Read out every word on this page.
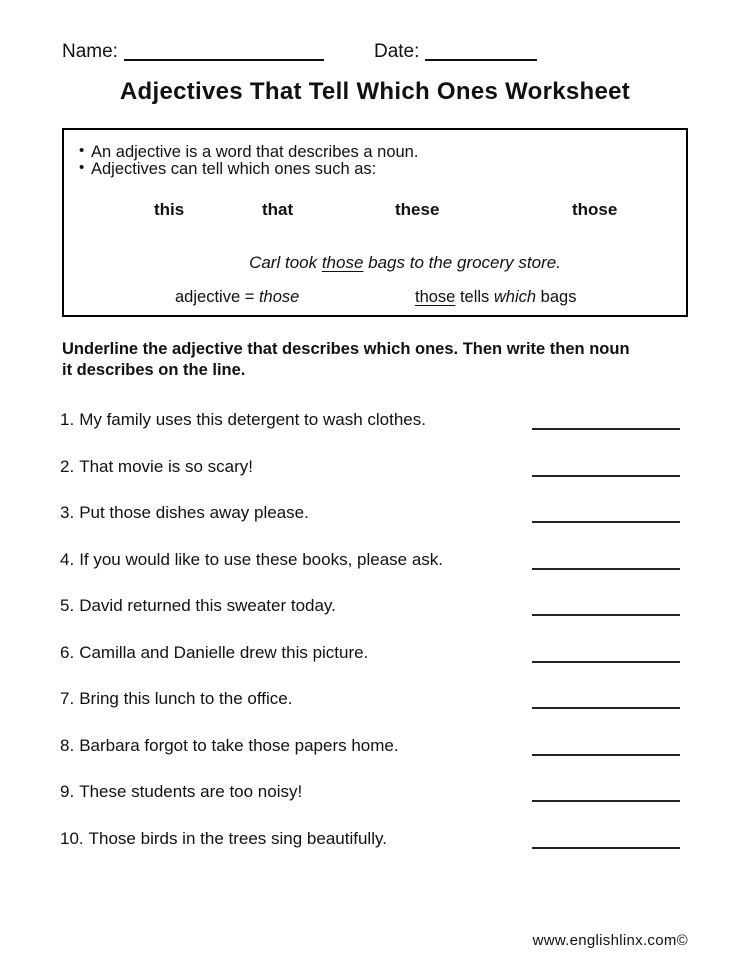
Name:	Date:
Adjectives That Tell Which Ones Worksheet
• An adjective is a word that describes a noun.
• Adjectives can tell which ones such as:
this	that	these	those
Carl took those bags to the grocery store.
adjective = those	those tells which bags
Underline the adjective that describes which ones. Then write then noun
it describes on the line.
1. My family uses this detergent to wash clothes.
2. That movie is so scary!
3. Put those dishes away please.
4. If you would like to use these books, please ask.
5. David returned this sweater today.
6. Camilla and Danielle drew this picture.
7. Bring this lunch to the office.
8. Barbara forgot to take those papers home.
9. These students are too noisy!
10. Those birds in the trees sing beautifully.
www.englishlinx.com©
